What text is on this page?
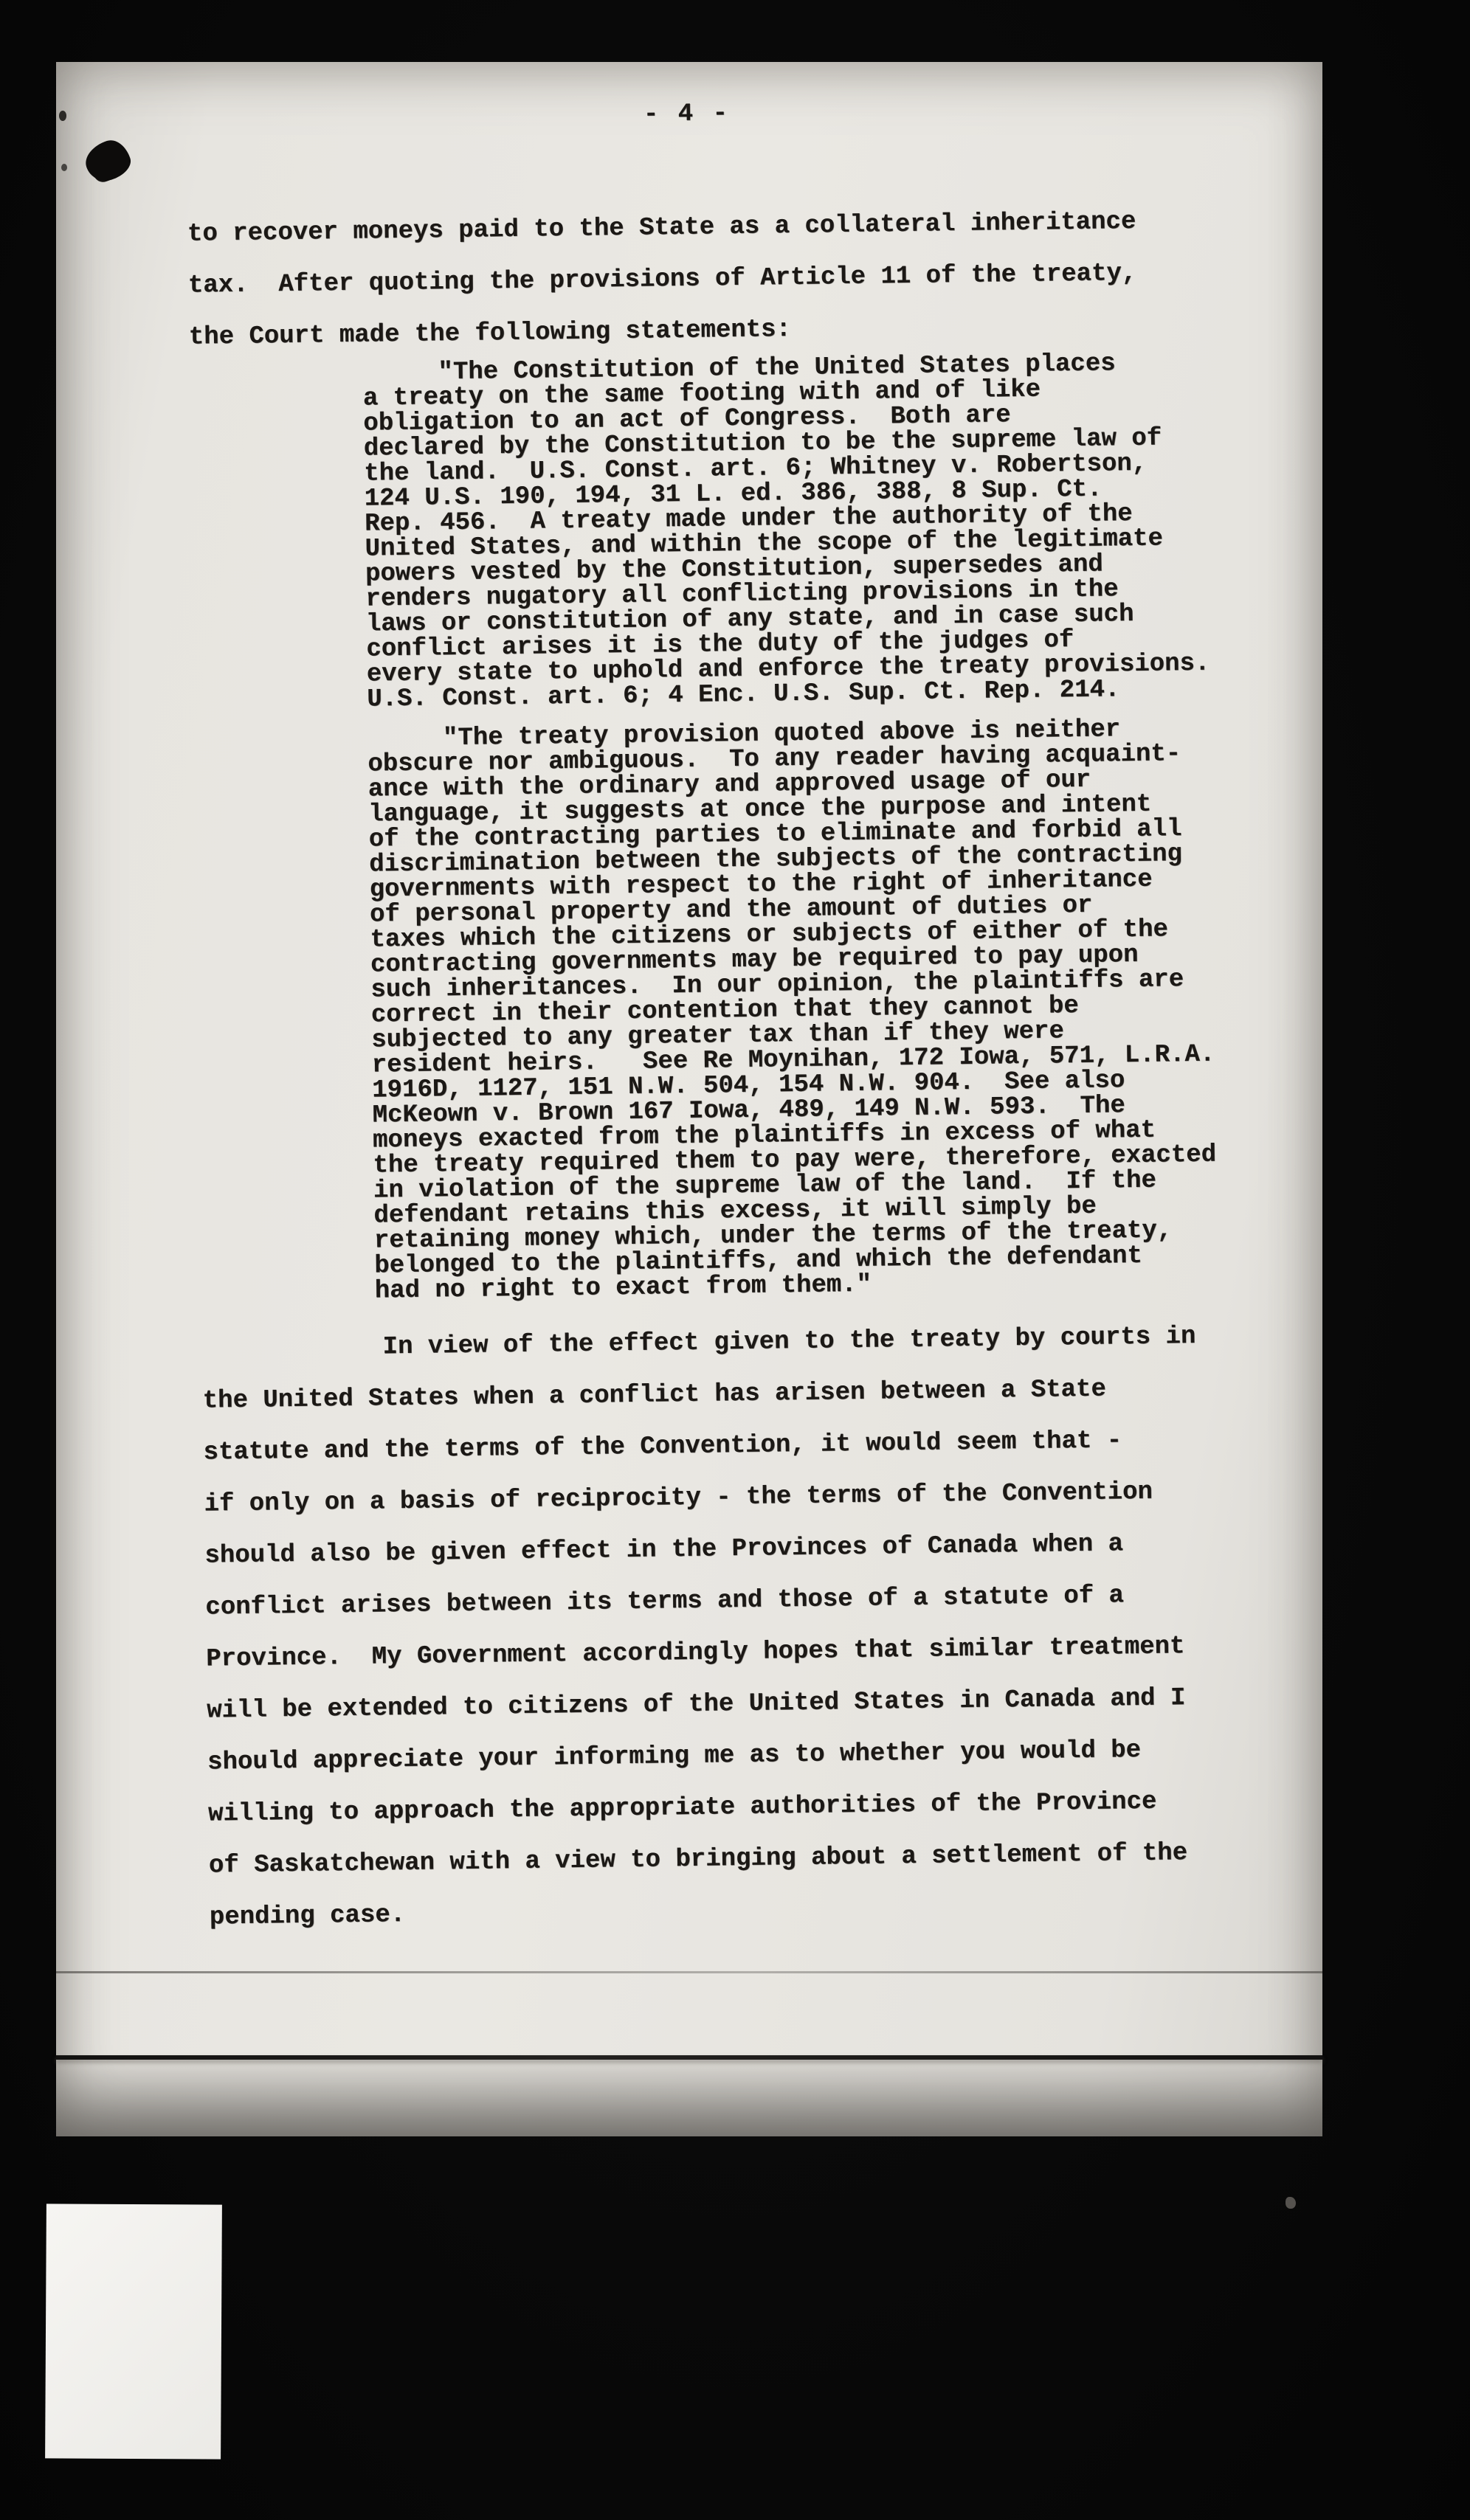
- 4 -
to recover moneys paid to the State as a collateral inheritance
tax.  After quoting the provisions of Article 11 of the treaty,
the Court made the following statements:
"The Constitution of the United States places
a treaty on the same footing with and of like
obligation to an act of Congress.  Both are
declared by the Constitution to be the supreme law of
the land.  U.S. Const. art. 6; Whitney v. Robertson,
124 U.S. 190, 194, 31 L. ed. 386, 388, 8 Sup. Ct.
Rep. 456.  A treaty made under the authority of the
United States, and within the scope of the legitimate
powers vested by the Constitution, supersedes and
renders nugatory all conflicting provisions in the
laws or constitution of any state, and in case such
conflict arises it is the duty of the judges of
every state to uphold and enforce the treaty provisions.
U.S. Const. art. 6; 4 Enc. U.S. Sup. Ct. Rep. 214.
"The treaty provision quoted above is neither
obscure nor ambiguous.  To any reader having acquaint-
ance with the ordinary and approved usage of our
language, it suggests at once the purpose and intent
of the contracting parties to eliminate and forbid all
discrimination between the subjects of the contracting
governments with respect to the right of inheritance
of personal property and the amount of duties or
taxes which the citizens or subjects of either of the
contracting governments may be required to pay upon
such inheritances.  In our opinion, the plaintiffs are
correct in their contention that they cannot be
subjected to any greater tax than if they were
resident heirs.   See Re Moynihan, 172 Iowa, 571, L.R.A.
1916D, 1127, 151 N.W. 504, 154 N.W. 904.  See also
McKeown v. Brown 167 Iowa, 489, 149 N.W. 593.  The
moneys exacted from the plaintiffs in excess of what
the treaty required them to pay were, therefore, exacted
in violation of the supreme law of the land.  If the
defendant retains this excess, it will simply be
retaining money which, under the terms of the treaty,
belonged to the plaintiffs, and which the defendant
had no right to exact from them."
In view of the effect given to the treaty by courts in
the United States when a conflict has arisen between a State
statute and the terms of the Convention, it would seem that -
if only on a basis of reciprocity - the terms of the Convention
should also be given effect in the Provinces of Canada when a
conflict arises between its terms and those of a statute of a
Province.  My Government accordingly hopes that similar treatment
will be extended to citizens of the United States in Canada and I
should appreciate your informing me as to whether you would be
willing to approach the appropriate authorities of the Province
of Saskatchewan with a view to bringing about a settlement of the
pending case.
